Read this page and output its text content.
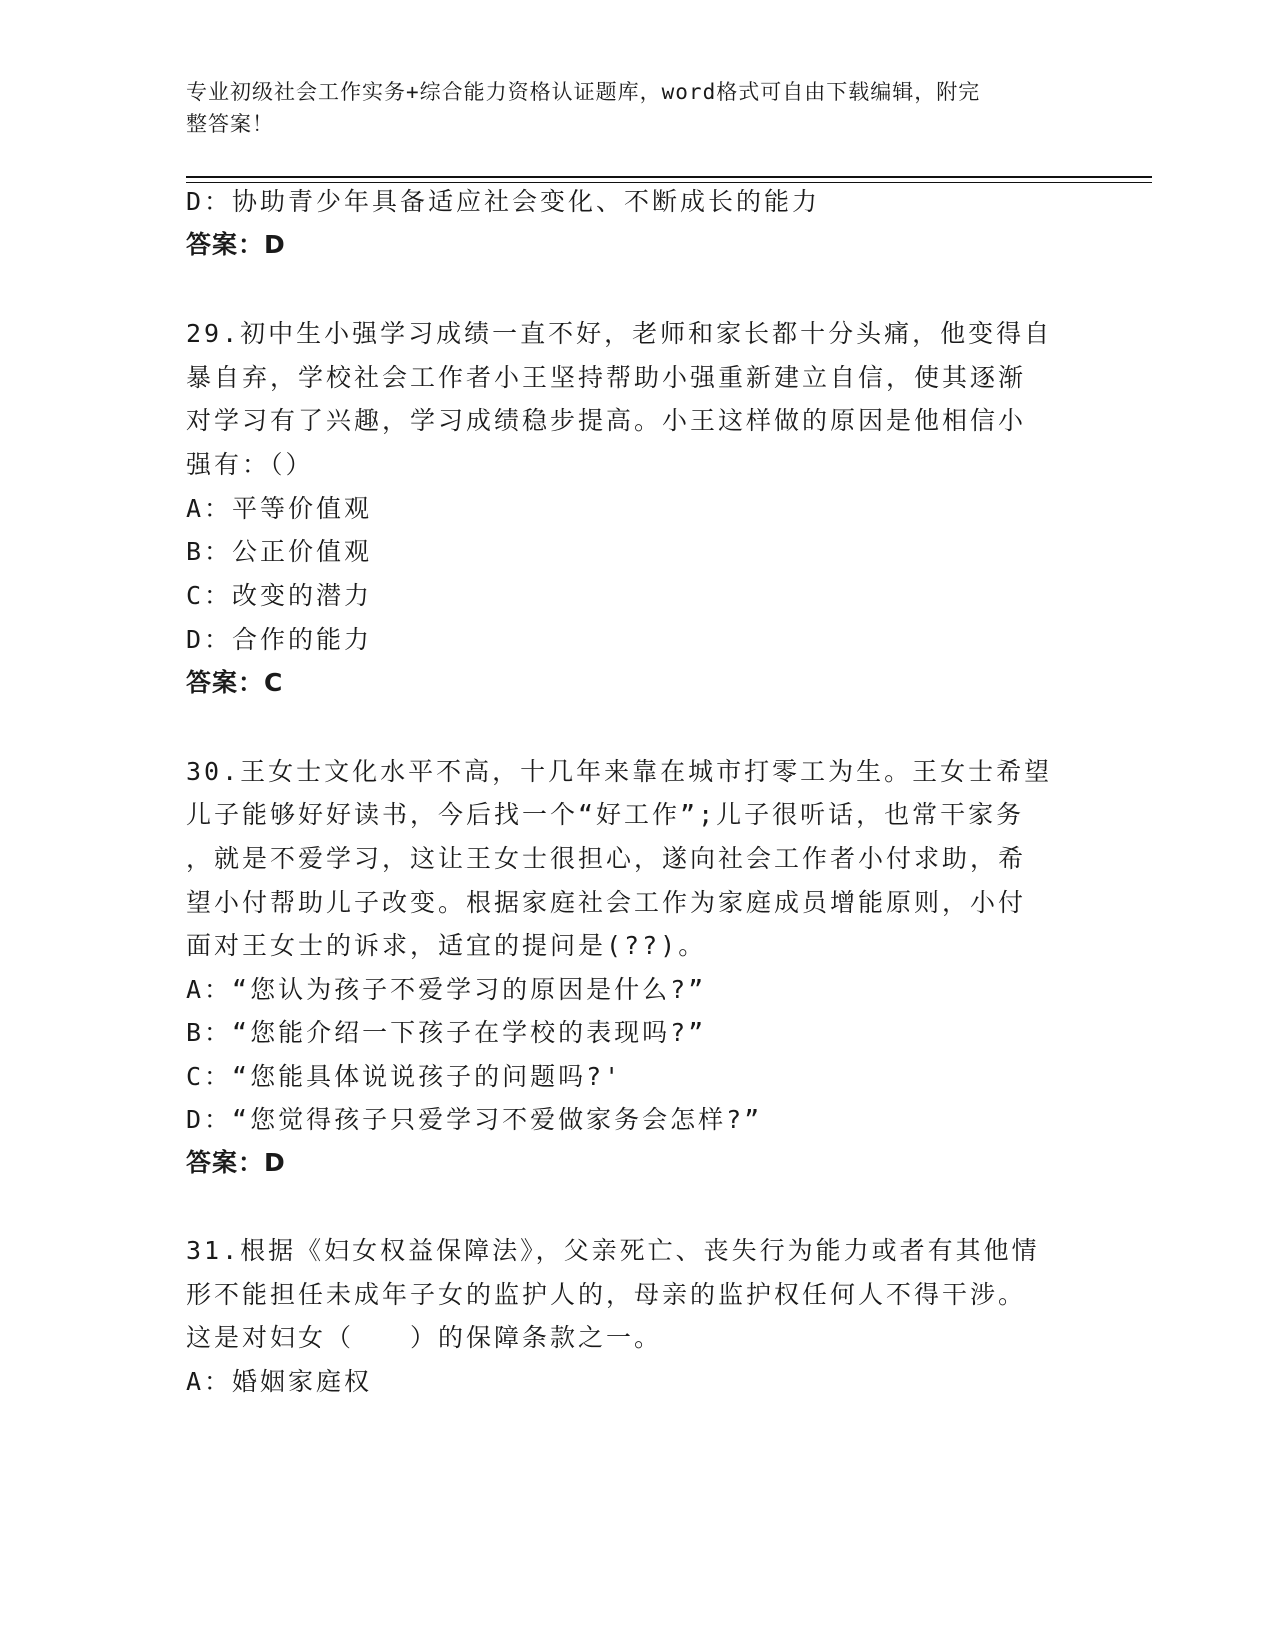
专业初级社会工作实务+综合能力资格认证题库，word格式可自由下载编辑，附完
整答案！
D：协助青少年具备适应社会变化、不断成长的能力
答案：D
29.初中生小强学习成绩一直不好，老师和家长都十分头痛，他变得自
暴自弃，学校社会工作者小王坚持帮助小强重新建立自信，使其逐渐
对学习有了兴趣，学习成绩稳步提高。小王这样做的原因是他相信小
强有：（）
A：平等价值观
B：公正价值观
C：改变的潜力
D：合作的能力
答案：C
30.王女士文化水平不高，十几年来靠在城市打零工为生。王女士希望
儿子能够好好读书，今后找一个“好工作”;儿子很听话，也常干家务
，就是不爱学习，这让王女士很担心，遂向社会工作者小付求助，希
望小付帮助儿子改变。根据家庭社会工作为家庭成员增能原则，小付
面对王女士的诉求，适宜的提问是(??)。
A：“您认为孩子不爱学习的原因是什么?”
B：“您能介绍一下孩子在学校的表现吗?”
C：“您能具体说说孩子的问题吗?'
D：“您觉得孩子只爱学习不爱做家务会怎样?”
答案：D
31.根据《妇女权益保障法》，父亲死亡、丧失行为能力或者有其他情
形不能担任未成年子女的监护人的，母亲的监护权任何人不得干涉。
这是对妇女（　　）的保障条款之一。
A：婚姻家庭权
